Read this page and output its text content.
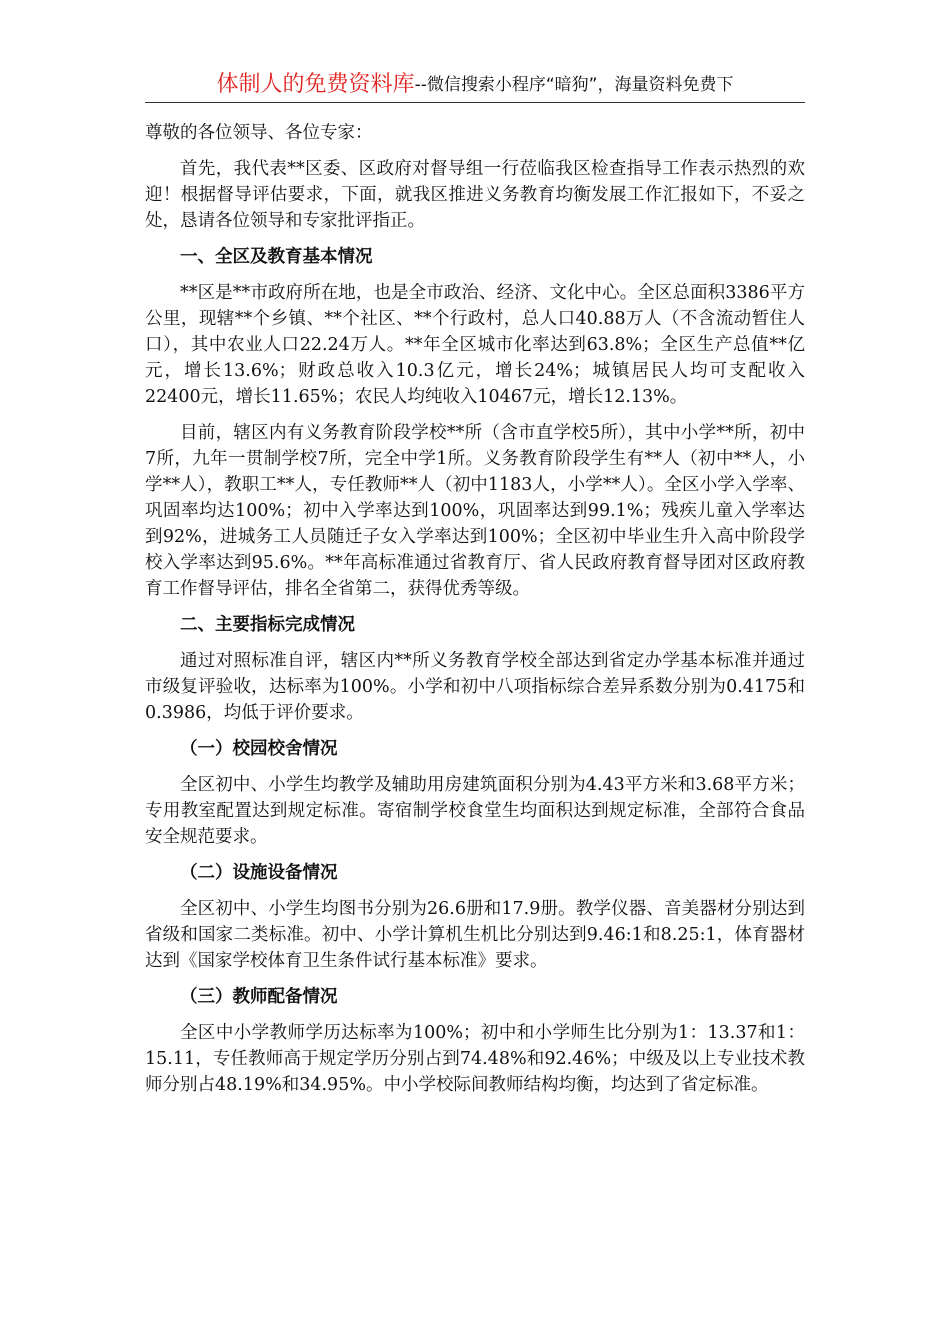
体制人的免费资料库 --微信搜索小程序“暗狗”，海量资料免费下

尊敬的各位领导、各位专家：

首先，我代表**区委、区政府对督导组一行莅临我区检查指导工作表示热烈的欢迎！根据督导评估要求，下面，就我区推进义务教育均衡发展工作汇报如下，不妥之处，恳请各位领导和专家批评指正。

一、全区及教育基本情况

**区是**市政府所在地，也是全市政治、经济、文化中心。全区总面积3386平方公里，现辖**个乡镇、**个社区、**个行政村，总人口40.88万人（不含流动暂住人口），其中农业人口22.24万人。**年全区城市化率达到63.8%；全区生产总值**亿元，增长13.6%；财政总收入10.3亿元，增长24%；城镇居民人均可支配收入22400元，增长11.65%；农民人均纯收入10467元，增长12.13%。

目前，辖区内有义务教育阶段学校**所（含市直学校5所），其中小学**所，初中7所，九年一贯制学校7所，完全中学1所。义务教育阶段学生有**人（初中**人，小学**人），教职工**人，专任教师**人（初中1183人，小学**人）。全区小学入学率、巩固率均达100%；初中入学率达到100%，巩固率达到99.1%；残疾儿童入学率达到92%，进城务工人员随迁子女入学率达到100%；全区初中毕业生升入高中阶段学校入学率达到95.6%。**年高标准通过省教育厅、省人民政府教育督导团对区政府教育工作督导评估，排名全省第二，获得优秀等级。

二、主要指标完成情况

通过对照标准自评，辖区内**所义务教育学校全部达到省定办学基本标准并通过市级复评验收，达标率为100%。小学和初中八项指标综合差异系数分别为0.4175和0.3986，均低于评价要求。

（一）校园校舍情况

全区初中、小学生均教学及辅助用房建筑面积分别为4.43平方米和3.68平方米；专用教室配置达到规定标准。寄宿制学校食堂生均面积达到规定标准，全部符合食品安全规范要求。

（二）设施设备情况

全区初中、小学生均图书分别为26.6册和17.9册。教学仪器、音美器材分别达到省级和国家二类标准。初中、小学计算机生机比分别达到9.46:1和8.25:1，体育器材达到《国家学校体育卫生条件试行基本标准》要求。

（三）教师配备情况

全区中小学教师学历达标率为100%；初中和小学师生比分别为1：13.37和1：15.11，专任教师高于规定学历分别占到74.48%和92.46%；中级及以上专业技术教师分别占48.19%和34.95%。中小学校际间教师结构均衡，均达到了省定标准。
